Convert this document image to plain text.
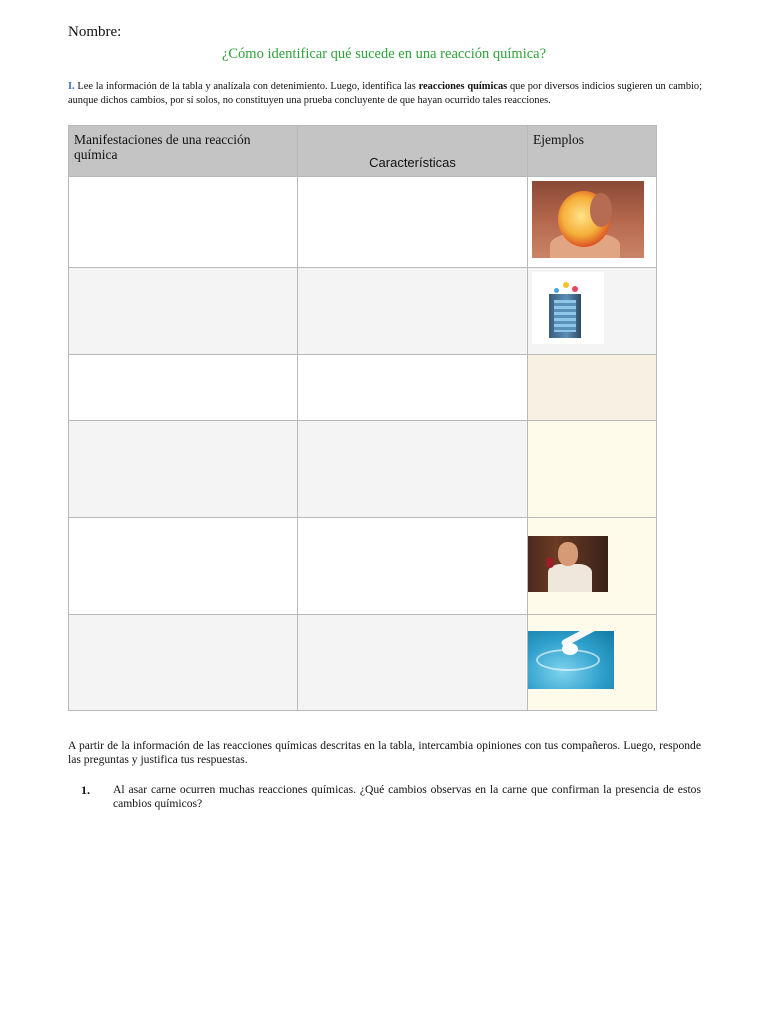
Nombre:
¿Cómo identificar qué sucede en una reacción química?
I. Lee la información de la tabla y analízala con detenimiento. Luego, identifica las reacciones químicas que por diversos indicios sugieren un cambio; aunque dichos cambios, por sí solos, no constituyen una prueba concluyente de que hayan ocurrido tales reacciones.
Manifestaciones de una reacción química	Características	Ejemplos

A partir de la información de las reacciones químicas descritas en la tabla, intercambia opiniones con tus compañeros. Luego, responde las preguntas y justifica tus respuestas.
1. Al asar carne ocurren muchas reacciones químicas. ¿Qué cambios observas en la carne que confirman la presencia de estos cambios químicos?
